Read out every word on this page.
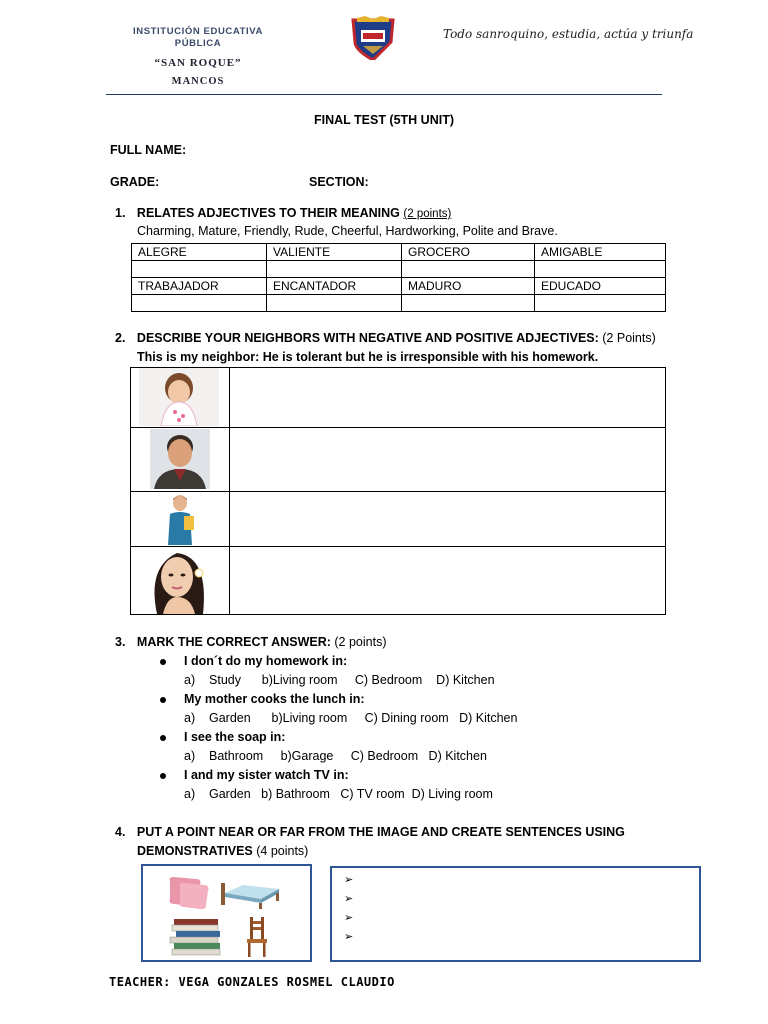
INSTITUCIÓN EDUCATIVA
PÚBLICA
“SAN ROQUE”
MANCOS
Todo sanroquino, estudia, actúa y triunfa
FINAL TEST (5TH UNIT)
FULL NAME:
GRADE:	SECTION:
1. RELATES ADJECTIVES TO THEIR MEANING (2 points)
Charming, Mature, Friendly, Rude, Cheerful, Hardworking, Polite and Brave.
ALEGRE	VALIENTE	GROCERO	AMIGABLE

TRABAJADOR	ENCANTADOR	MADURO	EDUCADO

2. DESCRIBE YOUR NEIGHBORS WITH NEGATIVE AND POSITIVE ADJECTIVES: (2 Points)
This is my neighbor: He is tolerant but he is irresponsible with his homework.
3. MARK THE CORRECT ANSWER: (2 points)
I don´t do my homework in:
a)    Study      b)Living room     C) Bedroom    D) Kitchen
My mother cooks the lunch in:
a)    Garden      b)Living room     C) Dining room   D) Kitchen
I see the soap in:
a)    Bathroom     b)Garage     C) Bedroom   D) Kitchen
I and my sister watch TV in:
a)    Garden   b) Bathroom   C) TV room  D) Living room
4. PUT A POINT NEAR OR FAR FROM THE IMAGE AND CREATE SENTENCES USING
DEMONSTRATIVES (4 points)
➢
➢
➢
➢
TEACHER: VEGA GONZALES ROSMEL CLAUDIO
